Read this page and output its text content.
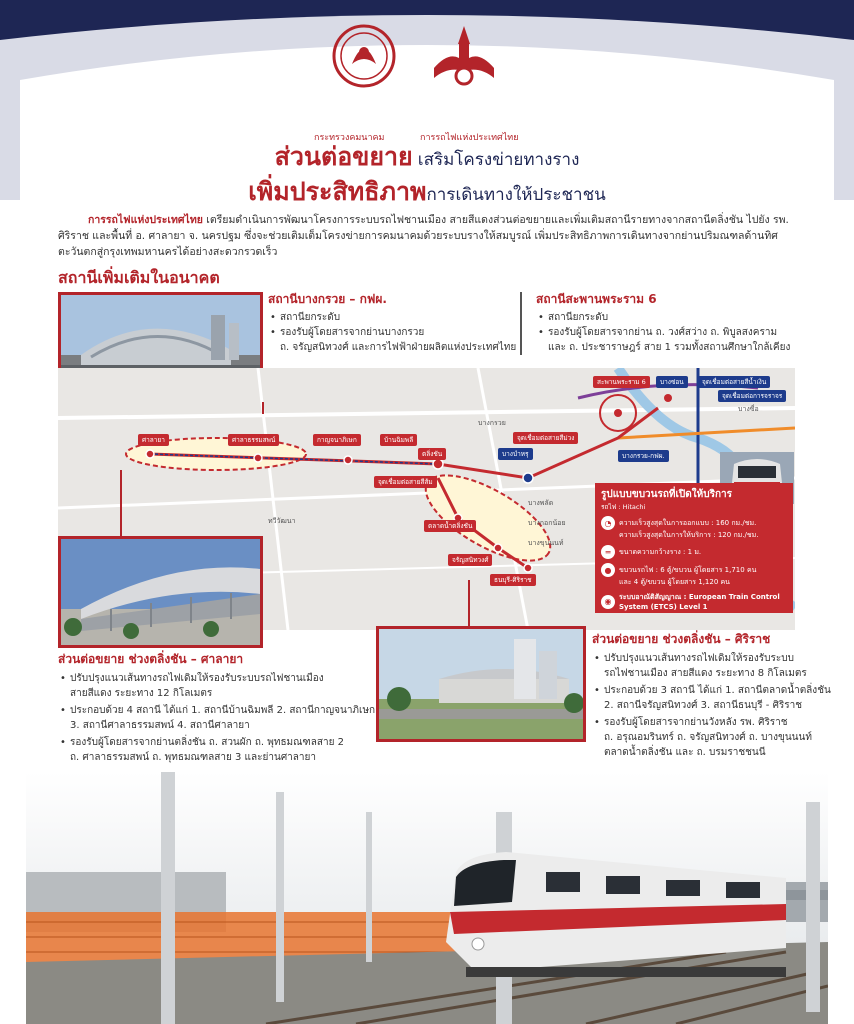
กระทรวงคมนาคม	การรถไฟแห่งประเทศไทย
ส่วนต่อขยาย เสริมโครงข่ายทางราง
เพิ่มประสิทธิภาพการเดินทางให้ประชาชน
การรถไฟแห่งประเทศไทย เตรียมดำเนินการพัฒนาโครงการระบบรถไฟชานเมือง สายสีแดงส่วนต่อขยายและเพิ่มเติมสถานีรายทางจากสถานีตลิ่งชัน ไปยัง รพ. ศิริราช และพื้นที่ อ. ศาลายา จ. นครปฐม ซึ่งจะช่วยเติมเต็มโครงข่ายการคมนาคมด้วยระบบรางให้สมบูรณ์ เพิ่มประสิทธิภาพการเดินทางจากย่านปริมณฑลด้านทิศตะวันตกสู่กรุงเทพมหานครได้อย่างสะดวกรวดเร็ว
สถานีเพิ่มเติมในอนาคต
สถานีบางกรวย – กฟผ.
• สถานียกระดับ
• รองรับผู้โดยสารจากย่านบางกรวย
ถ. จรัญสนิทวงศ์ และการไฟฟ้าฝ่ายผลิตแห่งประเทศไทย
สถานีสะพานพระราม 6
• สถานียกระดับ
• รองรับผู้โดยสารจากย่าน ถ. วงศ์สว่าง ถ. พิบูลสงคราม
และ ถ. ประชาราษฎร์ สาย 1 รวมทั้งสถานศึกษาใกล้เคียง
ศาลายา	ศาลาธรรมสพน์	กาญจนาภิเษก	บ้านฉิมพลี
ตลิ่งชัน	บางบำหรุ
บางซ่อน
บางกรวย-กฟผ.
สะพานพระราม 6
ตลาดน้ำตลิ่งชัน
จรัญสนิทวงศ์
ธนบุรี-ศิริราช
ทวีวัฒนา
บางกรวย
บางพลัด
บางกอกน้อย
บางขุนนนท์
บางซื่อ
จุดเชื่อมต่อสายสีม่วง
จุดเชื่อมต่อสายสีน้ำเงิน
จุดเชื่อมต่อสายสีส้ม
จุดเชื่อมต่อการจราจร
รูปแบบขบวนรถที่เปิดให้บริการ
รถไฟ : Hitachi
◔	ความเร็วสูงสุดในการออกแบบ : 160 กม./ชม.
ความเร็วสูงสุดในการให้บริการ : 120 กม./ชม.
═	ขนาดความกว้างราง : 1 ม.
●	ขบวนรถไฟ : 6 ตู้/ขบวน ผู้โดยสาร 1,710 คน
และ 4 ตู้/ขบวน ผู้โดยสาร 1,120 คน
◉	ระบบอาณัติสัญญาณ : European Train Control System (ETCS) Level 1
ส่วนต่อขยาย ช่วงตลิ่งชัน – ศาลายา
• ปรับปรุงแนวเส้นทางรถไฟเดิมให้รองรับระบบรถไฟชานเมือง
สายสีแดง ระยะทาง 12 กิโลเมตร
• ประกอบด้วย 4 สถานี ได้แก่ 1. สถานีบ้านฉิมพลี 2. สถานีกาญจนาภิเษก
3. สถานีศาลาธรรมสพน์ 4. สถานีศาลายา
• รองรับผู้โดยสารจากย่านตลิ่งชัน ถ. สวนผัก ถ. พุทธมณฑลสาย 2
ถ. ศาลาธรรมสพน์ ถ. พุทธมณฑลสาย 3 และย่านศาลายา
ส่วนต่อขยาย ช่วงตลิ่งชัน – ศิริราช
• ปรับปรุงแนวเส้นทางรถไฟเดิมให้รองรับระบบ
รถไฟชานเมือง สายสีแดง ระยะทาง 8 กิโลเมตร
• ประกอบด้วย 3 สถานี ได้แก่ 1. สถานีตลาดน้ำตลิ่งชัน
2. สถานีจรัญสนิทวงศ์ 3. สถานีธนบุรี - ศิริราช
• รองรับผู้โดยสารจากย่านวังหลัง รพ. ศิริราช
ถ. อรุณอมรินทร์ ถ. จรัญสนิทวงศ์ ถ. บางขุนนนท์
ตลาดน้ำตลิ่งชัน และ ถ. บรมราชชนนี
